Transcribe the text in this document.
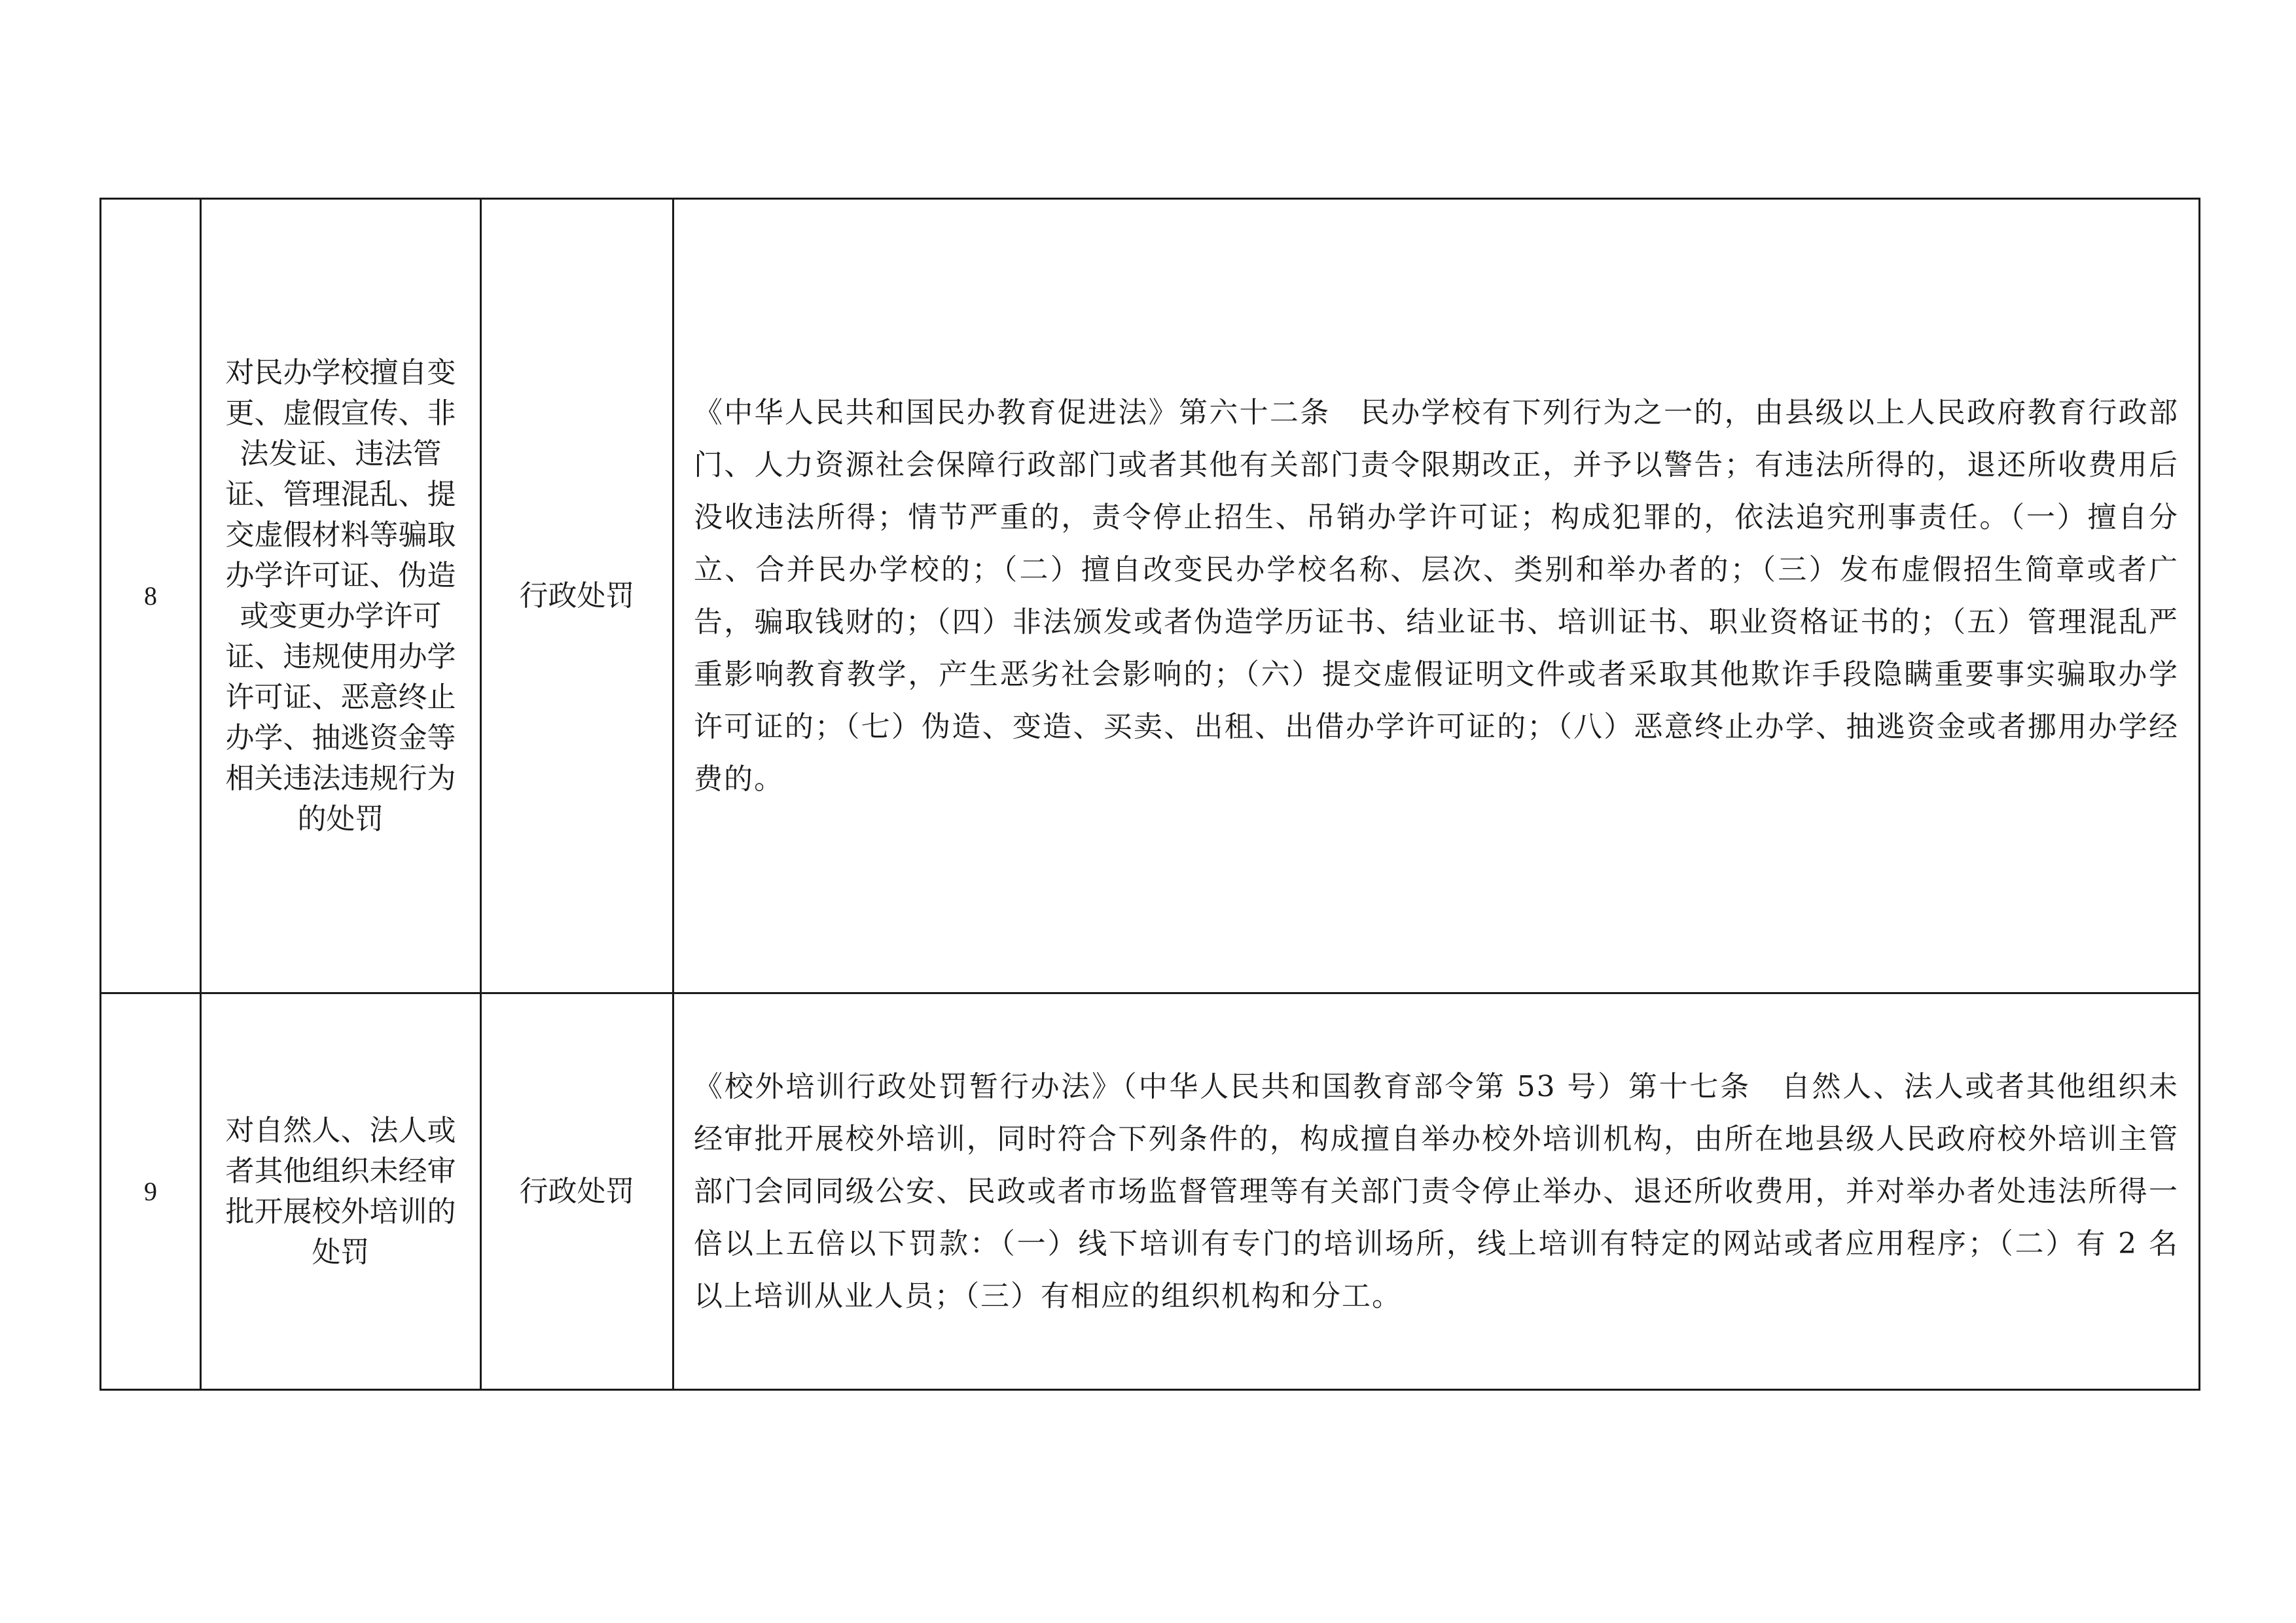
8	对民办学校擅自变更、虚假宣传、非法发证、违法管证、管理混乱、提交虚假材料等骗取办学许可证、伪造或变更办学许可证、违规使用办学许可证、恶意终止办学、抽逃资金等相关违法违规行为的处罚	行政处罚	《中华人民共和国民办教育促进法》第六十二条　民办学校有下列行为之一的，由县级以上人民政府教育行政部门、人力资源社会保障行政部门或者其他有关部门责令限期改正，并予以警告；有违法所得的，退还所收费用后没收违法所得；情节严重的，责令停止招生、吊销办学许可证；构成犯罪的，依法追究刑事责任。（一）擅自分立、合并民办学校的；（二）擅自改变民办学校名称、层次、类别和举办者的；（三）发布虚假招生简章或者广告，骗取钱财的；（四）非法颁发或者伪造学历证书、结业证书、培训证书、职业资格证书的；（五）管理混乱严重影响教育教学，产生恶劣社会影响的；（六）提交虚假证明文件或者采取其他欺诈手段隐瞒重要事实骗取办学许可证的；（七）伪造、变造、买卖、出租、出借办学许可证的；（八）恶意终止办学、抽逃资金或者挪用办学经费的。
9	对自然人、法人或者其他组织未经审批开展校外培训的处罚	行政处罚	《校外培训行政处罚暂行办法》（中华人民共和国教育部令第 53 号）第十七条　自然人、法人或者其他组织未经审批开展校外培训，同时符合下列条件的，构成擅自举办校外培训机构，由所在地县级人民政府校外培训主管部门会同同级公安、民政或者市场监督管理等有关部门责令停止举办、退还所收费用，并对举办者处违法所得一倍以上五倍以下罚款：（一）线下培训有专门的培训场所，线上培训有特定的网站或者应用程序；（二）有 2 名以上培训从业人员；（三）有相应的组织机构和分工。
